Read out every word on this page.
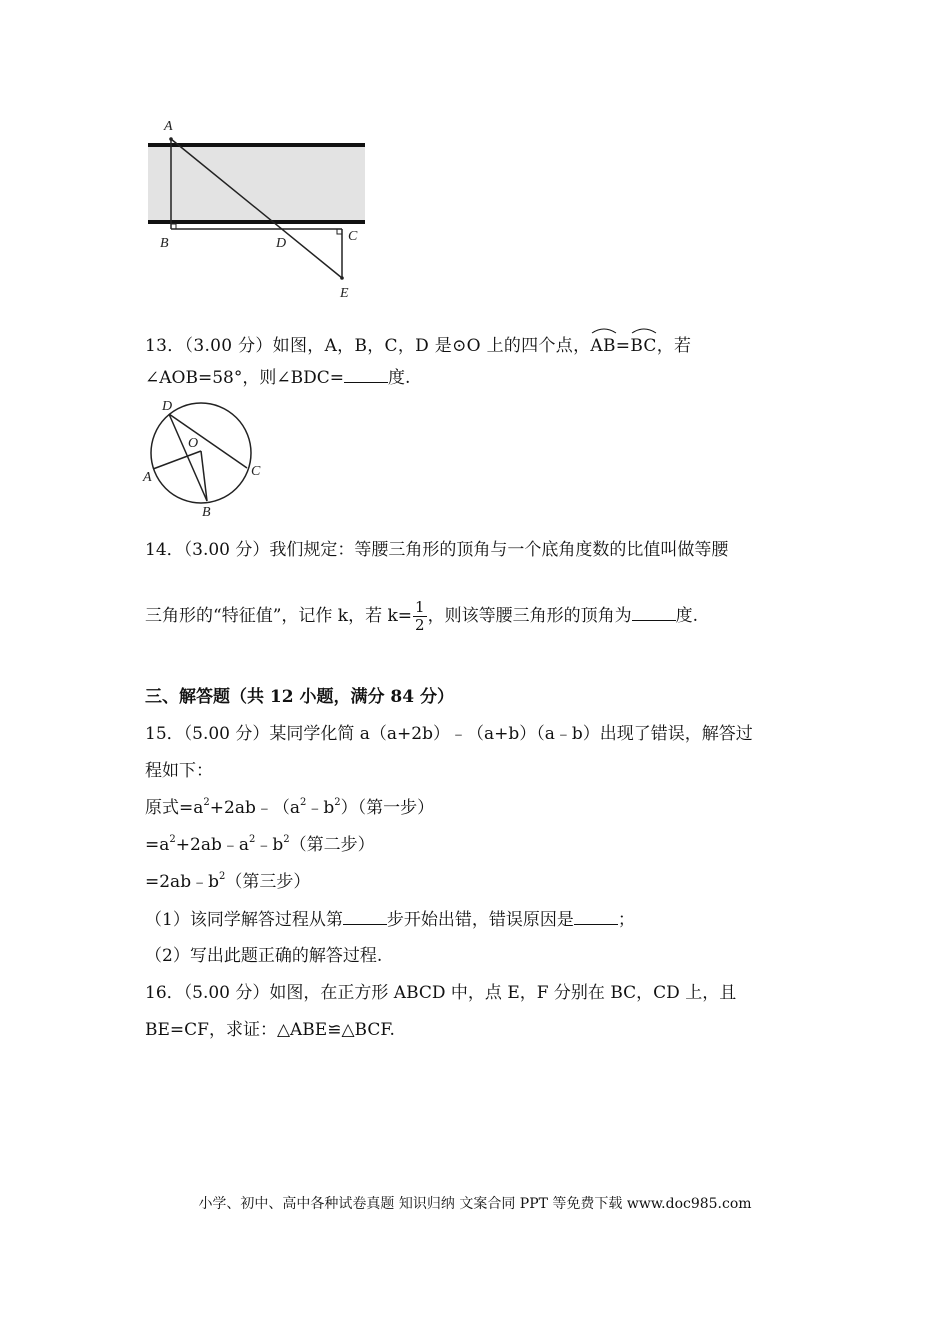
A
B	C
D
E
13．（3.00 分）如图，A，B，C，D 是⊙O 上的四个点，
AB=
BC，若
∠AOB=58°，则∠BDC=	度.
D
O
A	C
B
14．（3.00 分）我们规定：等腰三角形的顶角与一个底角度数的比值叫做等腰
三角形的“特征值”，记作 k，若 $k= \frac{1}{2}$ ，则该等腰三角形的顶角为	度.
三、解答题（共 12 小题，满分 84 分）
15．（5.00 分）某同学化简 a（a+2b）﹣（a+b）（a﹣b）出现了错误，解答过
程如下：
原式$=a^2+2ab﹣(a^2﹣b^2)$（第一步）
$=a^2+2ab﹣a^2﹣b^2$（第二步）
$=2ab﹣b^2$（第三步）
（1）该同学解答过程从第	步开始出错，错误原因是	；
（2）写出此题正确的解答过程.
16．（5.00 分）如图，在正方形 ABCD 中，点 E，F 分别在 BC，CD 上，且
BE=CF，求证：△ABE≌△BCF.
小学、初中、高中各种试卷真题 知识归纳 文案合同 PPT 等免费下载 www.doc985.com
